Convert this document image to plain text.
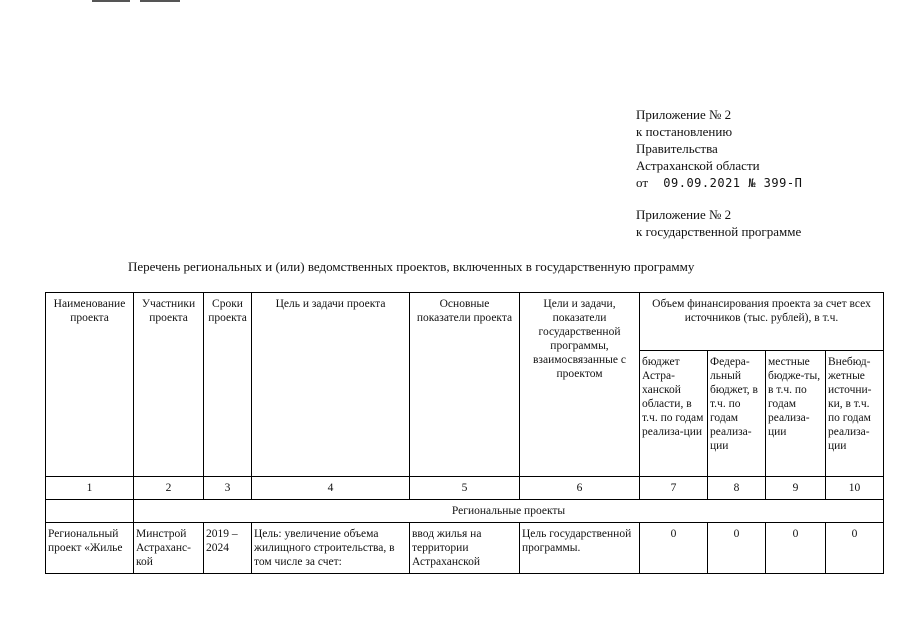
Приложение № 2
к постановлению
Правительства
Астраханской области
от 09.09.2021 № 399-П
Приложение № 2
к государственной программе
Перечень региональных и (или) ведомственных проектов, включенных в государственную программу
Наименование проекта	Участники проекта	Сроки проекта	Цель и задачи проекта	Основные показатели проекта	Цели и задачи, показатели государственной программы, взаимосвязанные с проектом	Объем финансирования проекта за счет всех источников (тыс. рублей), в т.ч.			
						бюджет Астра-ханской области, в т.ч. по годам реализа-ции	Федера-льный бюджет, в т.ч. по годам реализа-ции	местные бюдже-ты, в т.ч. по годам реализа-ции	Внебюд-жетные источни-ки, в т.ч. по годам реализа-ции
1	2	3	4	5	6	7	8	9	10
	Региональные проекты								
Региональный проект «Жилье	Минстрой Астраханс-кой	2019 – 2024	Цель: увеличение объема жилищного строительства, в том числе за счет:	ввод жилья на территории Астраханской	Цель государственной программы.	0	0	0	0
